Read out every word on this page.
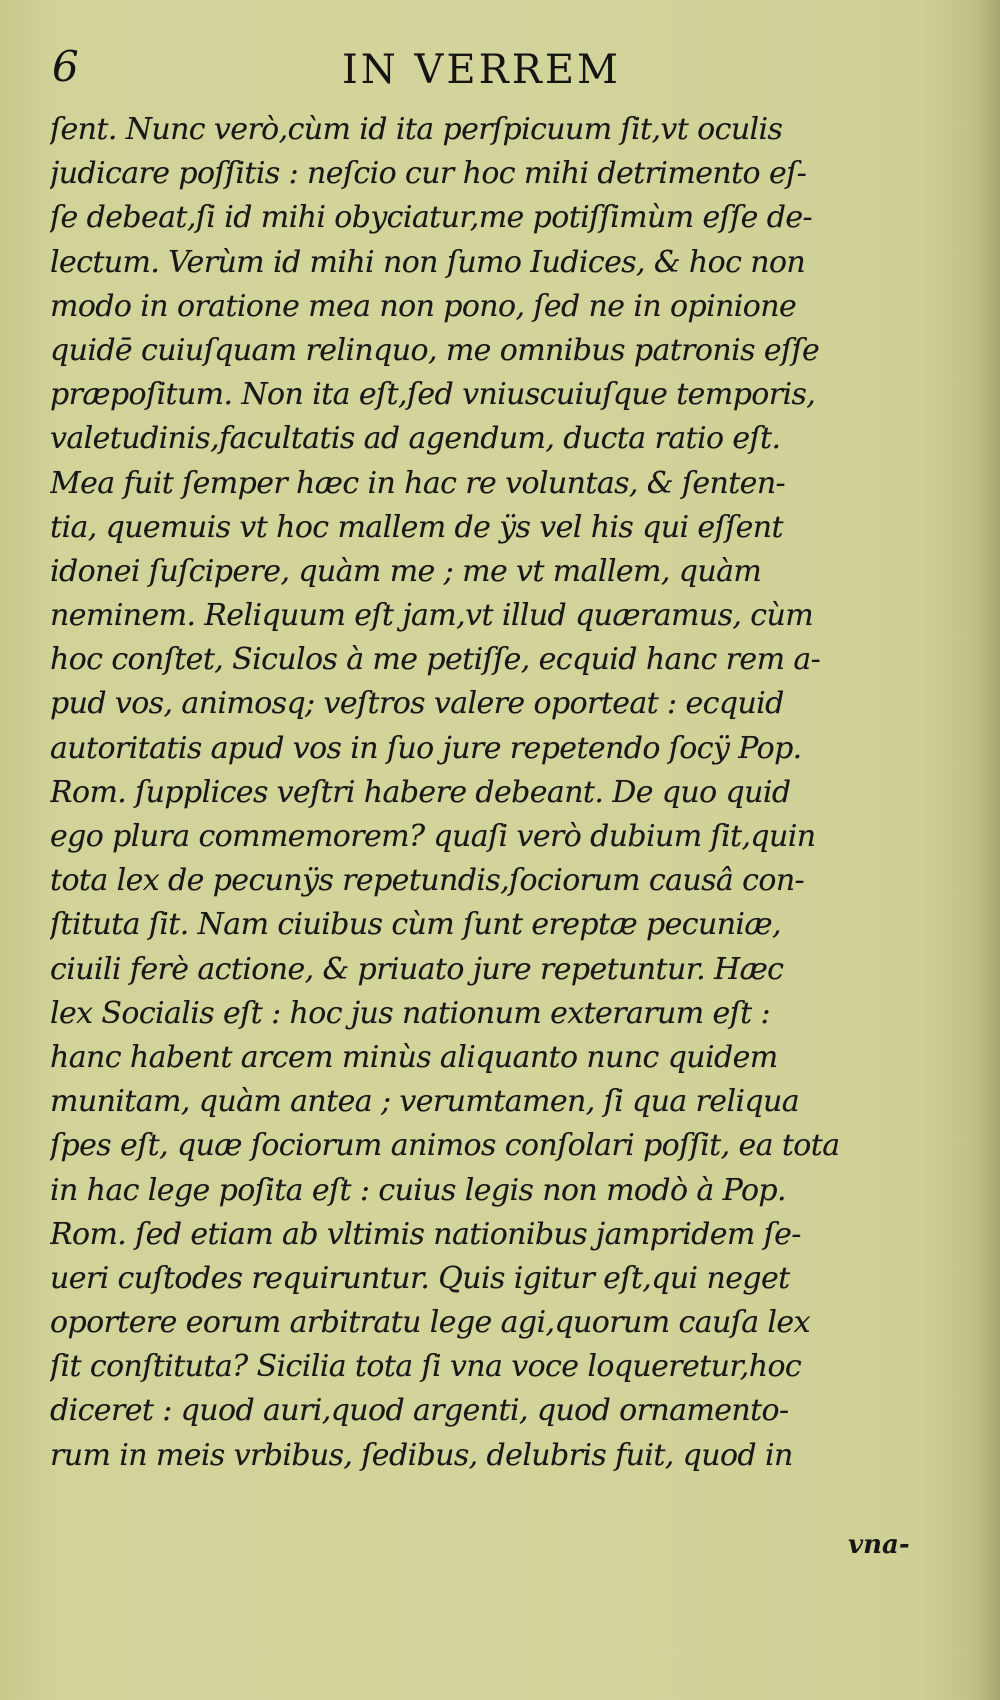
6	IN VERREM
ſent. Nunc verò,cùm id ita perſpicuum ſit,vt oculis
judicare poſſitis : neſcio cur hoc mihi detrimento eſ-
ſe debeat,ſi id mihi obyciatur,me potiſſimùm eſſe de-
lectum. Verùm id mihi non ſumo Iudices, & hoc non
modo in oratione mea non pono, ſed ne in opinione
quidē cuiuſquam relinquo, me omnibus patronis eſſe
præpoſitum. Non ita eſt,ſed vniuscuiuſque temporis,
valetudinis,facultatis ad agendum, ducta ratio eſt.
Mea fuit ſemper hæc in hac re voluntas, & ſenten-
tia, quemuis vt hoc mallem de ÿs vel his qui eſſent
idonei ſuſcipere, quàm me ; me vt mallem, quàm
neminem. Reliquum eſt jam,vt illud quæramus, cùm
hoc conſtet, Siculos à me petiſſe, ecquid hanc rem a-
pud vos, animosq; veſtros valere oporteat : ecquid
autoritatis apud vos in ſuo jure repetendo ſocÿ Pop.
Rom. ſupplices veſtri habere debeant. De quo quid
ego plura commemorem? quaſi verò dubium ſit,quin
tota lex de pecunÿs repetundis,ſociorum causâ con-
ſtituta ſit. Nam ciuibus cùm ſunt ereptæ pecuniæ,
ciuili ferè actione, & priuato jure repetuntur. Hæc
lex Socialis eſt : hoc jus nationum exterarum eſt :
hanc habent arcem minùs aliquanto nunc quidem
munitam, quàm antea ; verumtamen, ſi qua reliqua
ſpes eſt, quæ ſociorum animos conſolari poſſit, ea tota
in hac lege poſita eſt : cuius legis non modò à Pop.
Rom. ſed etiam ab vltimis nationibus jampridem ſe-
ueri cuſtodes requiruntur. Quis igitur eſt,qui neget
oportere eorum arbitratu lege agi,quorum cauſa lex
ſit conſtituta? Sicilia tota ſi vna voce loqueretur,hoc
diceret : quod auri,quod argenti, quod ornamento-
rum in meis vrbibus, ſedibus, delubris fuit, quod in
vna-
